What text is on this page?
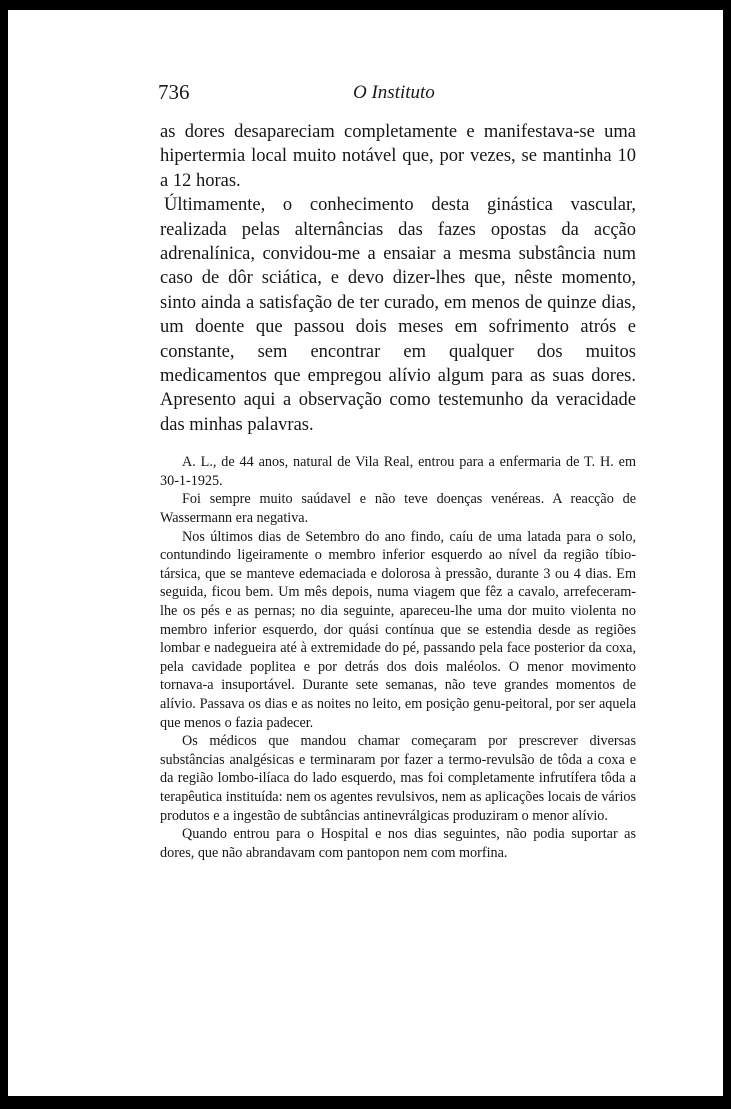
736	O Instituto

as dores desapareciam completamente e manifestava-se uma hipertermia local muito notável que, por vezes, se mantinha 10 a 12 horas.

Últimamente, o conhecimento desta ginástica vascular, realizada pelas alternâncias das fazes opostas da acção adrenalínica, convidou-me a ensaiar a mesma substância num caso de dôr sciática, e devo dizer-lhes que, nêste momento, sinto ainda a satisfação de ter curado, em menos de quinze dias, um doente que passou dois meses em sofrimento atrós e constante, sem encontrar em qualquer dos muitos medicamentos que empregou alívio algum para as suas dores. Apresento aqui a observação como testemunho da veracidade das minhas palavras.

A. L., de 44 anos, natural de Vila Real, entrou para a enfermaria de T. H. em 30-1-1925.

Foi sempre muito saúdavel e não teve doenças venéreas. A reacção de Wassermann era negativa.

Nos últimos dias de Setembro do ano findo, caíu de uma latada para o solo, contundindo ligeiramente o membro inferior esquerdo ao nível da região tíbio-társica, que se manteve edemaciada e dolorosa à pressão, durante 3 ou 4 dias. Em seguida, ficou bem. Um mês depois, numa viagem que fêz a cavalo, arrefeceram-lhe os pés e as pernas; no dia seguinte, apareceu-lhe uma dor muito violenta no membro inferior esquerdo, dor quási contínua que se estendia desde as regiões lombar e nadegueira até à extremidade do pé, passando pela face posterior da coxa, pela cavidade poplitea e por detrás dos dois maléolos. O menor movimento tornava-a insuportável. Durante sete semanas, não teve grandes momentos de alívio. Passava os dias e as noites no leito, em posição genu-peitoral, por ser aquela que menos o fazia padecer.

Os médicos que mandou chamar começaram por prescrever diversas substâncias analgésicas e terminaram por fazer a termo-revulsão de tôda a coxa e da região lombo-ilíaca do lado esquerdo, mas foi completamente infrutífera tôda a terapêutica instituída: nem os agentes revulsivos, nem as aplicações locais de vários produtos e a ingestão de subtâncias antinevrálgicas produziram o menor alívio.

Quando entrou para o Hospital e nos dias seguintes, não podia suportar as dores, que não abrandavam com pantopon nem com morfina.
